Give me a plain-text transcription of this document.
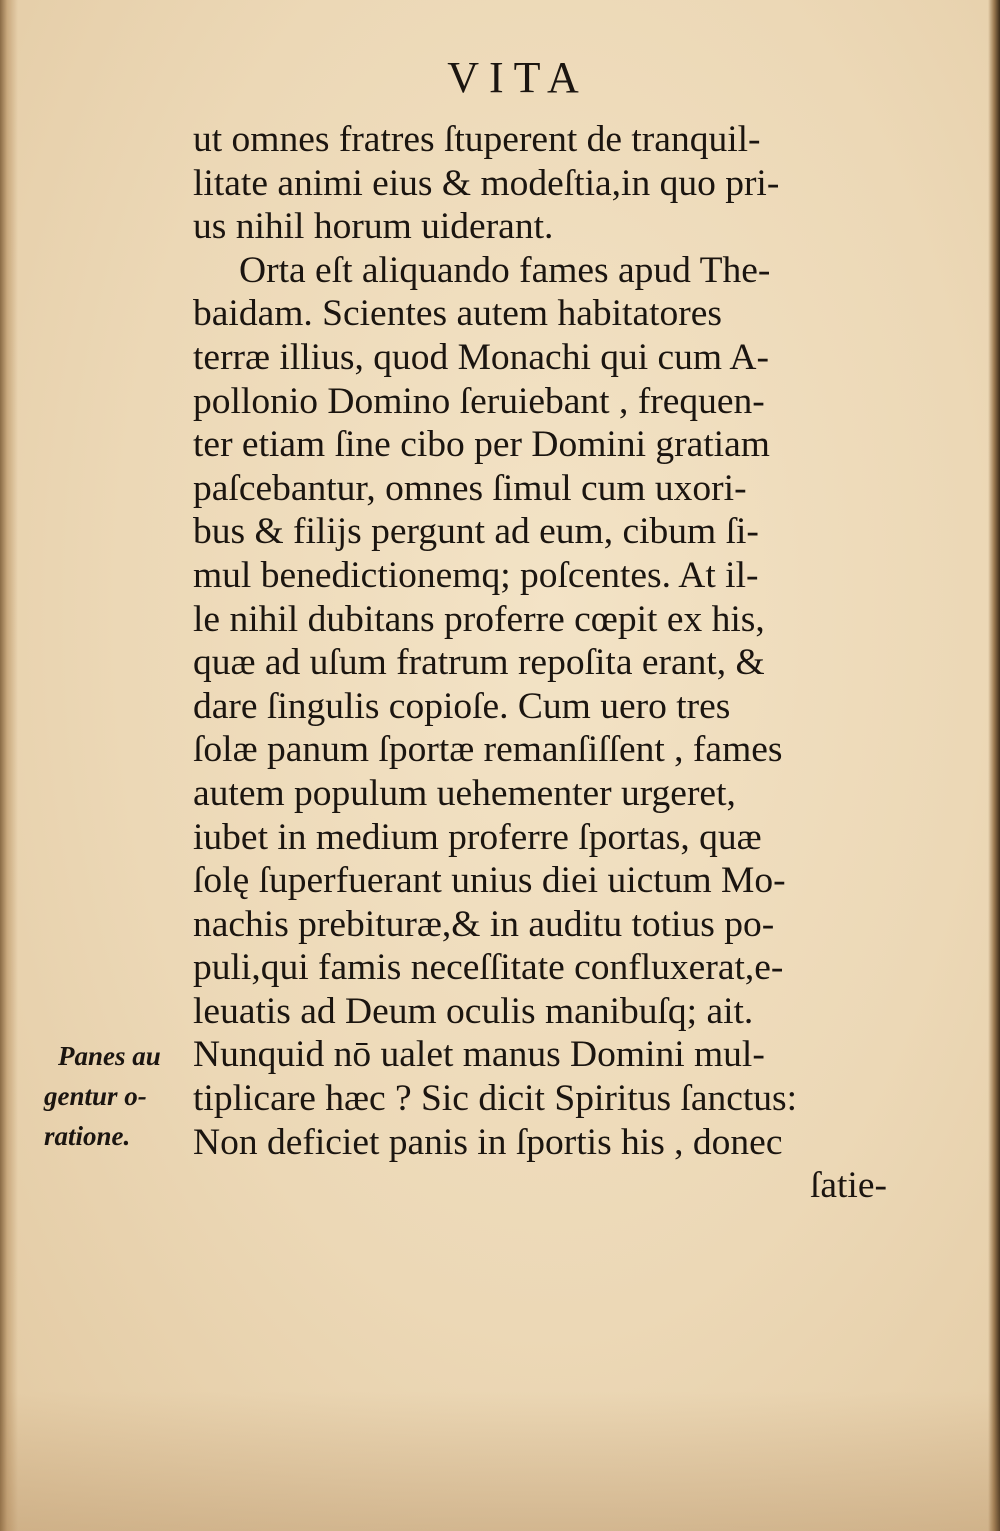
VITA
ut omnes fratres ſtuperent de tranquil-
litate animi eius & modeſtia,in quo pri-
us nihil horum uiderant.
Orta eſt aliquando fames apud The-
baidam. Scientes autem habitatores
terræ illius, quod Monachi qui cum A-
pollonio Domino ſeruiebant , frequen-
ter etiam ſine cibo per Domini gratiam
paſcebantur, omnes ſimul cum uxori-
bus & filijs pergunt ad eum, cibum ſi-
mul benedictionemq; poſcentes. At il-
le nihil dubitans proferre cœpit ex his,
quæ ad uſum fratrum repoſita erant, &
dare ſingulis copioſe. Cum uero tres
ſolæ panum ſportæ remanſiſſent , fames
autem populum uehementer urgeret,
iubet in medium proferre ſportas, quæ
ſolę ſuperfuerant unius diei uictum Mo-
nachis prebituræ,& in auditu totius po-
puli,qui famis neceſſitate confluxerat,e-
leuatis ad Deum oculis manibuſq; ait.
Nunquid nō ualet manus Domini mul-
tiplicare hæc ? Sic dicit Spiritus ſanctus:
Non deficiet panis in ſportis his , donec
ſatie-
Panes au
gentur o-
ratione.
